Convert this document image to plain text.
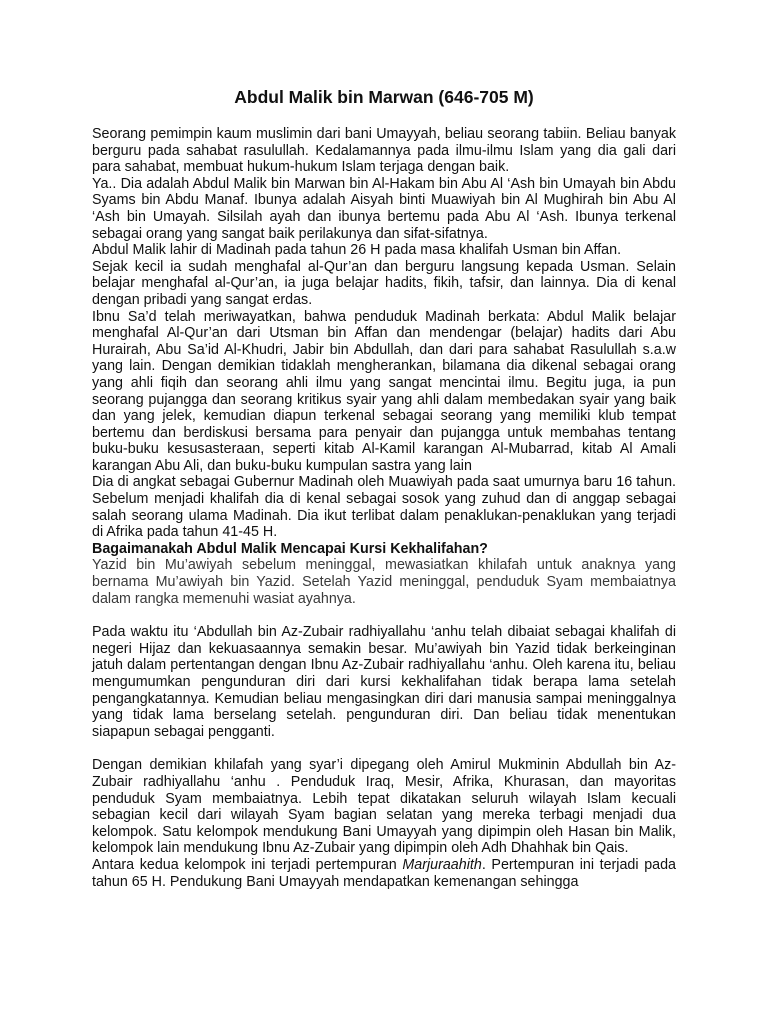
Abdul Malik bin Marwan (646-705 M)

Seorang pemimpin kaum muslimin dari bani Umayyah, beliau seorang tabiin. Beliau banyak berguru pada sahabat rasulullah. Kedalamannya pada ilmu-ilmu Islam yang dia gali dari para sahabat, membuat hukum-hukum Islam terjaga dengan baik.

Ya.. Dia adalah Abdul Malik bin Marwan bin Al-Hakam bin Abu Al ‘Ash bin Umayah bin Abdu Syams bin Abdu Manaf. Ibunya adalah Aisyah binti Muawiyah bin Al Mughirah bin Abu Al ‘Ash bin Umayah. Silsilah ayah dan ibunya bertemu pada Abu Al ‘Ash. Ibunya terkenal sebagai orang yang sangat baik perilakunya dan sifat-sifatnya.

Abdul Malik lahir di Madinah pada tahun 26 H pada masa khalifah Usman bin Affan.

Sejak kecil ia sudah menghafal al-Qur’an dan berguru langsung kepada Usman. Selain belajar menghafal al-Qur’an, ia juga belajar hadits, fikih, tafsir, dan lainnya. Dia di kenal dengan pribadi yang sangat erdas.

Ibnu Sa’d telah meriwayatkan, bahwa penduduk Madinah berkata: Abdul Malik belajar menghafal Al-Qur’an dari Utsman bin Affan dan mendengar (belajar) hadits dari Abu Hurairah, Abu Sa’id Al-Khudri, Jabir bin Abdullah, dan dari para sahabat Rasulullah s.a.w yang lain. Dengan demikian tidaklah mengherankan, bilamana dia dikenal sebagai orang yang ahli fiqih dan seorang ahli ilmu yang sangat mencintai ilmu. Begitu juga, ia pun seorang pujangga dan seorang kritikus syair yang ahli dalam membedakan syair yang baik dan yang jelek, kemudian diapun terkenal sebagai seorang yang memiliki klub tempat bertemu dan berdiskusi bersama para penyair dan pujangga untuk membahas tentang buku-buku kesusasteraan, seperti kitab Al-Kamil karangan Al-Mubarrad, kitab Al Amali karangan Abu Ali, dan buku-buku kumpulan sastra yang lain

Dia di angkat sebagai Gubernur Madinah oleh Muawiyah pada saat umurnya baru 16 tahun. Sebelum menjadi khalifah dia di kenal sebagai sosok yang zuhud dan di anggap sebagai salah seorang ulama Madinah. Dia ikut terlibat dalam penaklukan-penaklukan yang terjadi di Afrika pada tahun 41-45 H.

Bagaimanakah Abdul Malik Mencapai Kursi Kekhalifahan?

Yazid bin Mu’awiyah sebelum meninggal, mewasiatkan khilafah untuk anaknya yang bernama Mu’awiyah bin Yazid. Setelah Yazid meninggal, penduduk Syam membaiatnya dalam rangka memenuhi wasiat ayahnya.

Pada waktu itu ‘Abdullah bin Az-Zubair radhiyallahu ‘anhu telah dibaiat sebagai khalifah di negeri Hijaz dan kekuasaannya semakin besar. Mu’awiyah bin Yazid tidak berkeinginan jatuh dalam pertentangan dengan Ibnu Az-Zubair radhiyallahu ‘anhu. Oleh karena itu, beliau mengumumkan pengunduran diri dari kursi kekhalifahan tidak berapa lama setelah pengangkatannya. Kemudian beliau mengasingkan diri dari manusia sampai meninggalnya yang tidak lama berselang setelah. pengunduran diri. Dan beliau tidak menentukan siapapun sebagai pengganti.

Dengan demikian khilafah yang syar’i dipegang oleh Amirul Mukminin Abdullah bin Az-Zubair radhiyallahu ‘anhu . Penduduk Iraq, Mesir, Afrika, Khurasan, dan mayoritas penduduk Syam membaiatnya. Lebih tepat dikatakan seluruh wilayah Islam kecuali sebagian kecil dari wilayah Syam bagian selatan yang mereka terbagi menjadi dua kelompok. Satu kelompok mendukung Bani Umayyah yang dipimpin oleh Hasan bin Malik, kelompok lain mendukung Ibnu Az-Zubair yang dipimpin oleh Adh Dhahhak bin Qais.

Antara kedua kelompok ini terjadi pertempuran Marjuraahith. Pertempuran ini terjadi pada tahun 65 H. Pendukung Bani Umayyah mendapatkan kemenangan sehingga
